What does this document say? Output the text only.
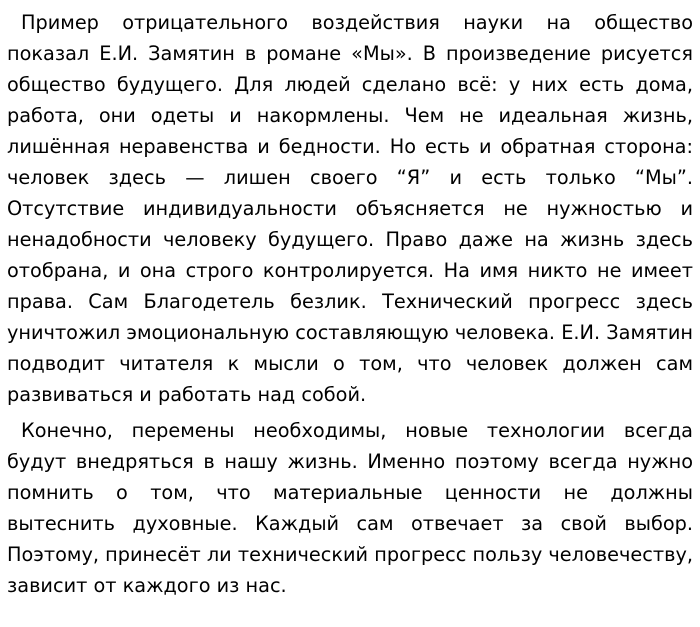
Пример отрицательного воздействия науки на общество показал Е.И. Замятин в романе «Мы». В произведение рисуется общество будущего. Для людей сделано всё: у них есть дома, работа, они одеты и накормлены. Чем не идеальная жизнь, лишённая неравенства и бедности. Но есть и обратная сторона: человек здесь — лишен своего “Я” и есть только “Мы”. Отсутствие индивидуальности объясняется не нужностью и ненадобности человеку будущего. Право даже на жизнь здесь отобрана, и она строго контролируется. На имя никто не имеет права. Сам Благодетель безлик. Технический прогресс здесь уничтожил эмоциональную составляющую человека. Е.И. Замятин подводит читателя к мысли о том, что человек должен сам развиваться и работать над собой.

Конечно, перемены необходимы, новые технологии всегда будут внедряться в нашу жизнь. Именно поэтому всегда нужно помнить о том, что материальные ценности не должны вытеснить духовные. Каждый сам отвечает за свой выбор. Поэтому, принесёт ли технический прогресс пользу человечеству, зависит от каждого из нас.
